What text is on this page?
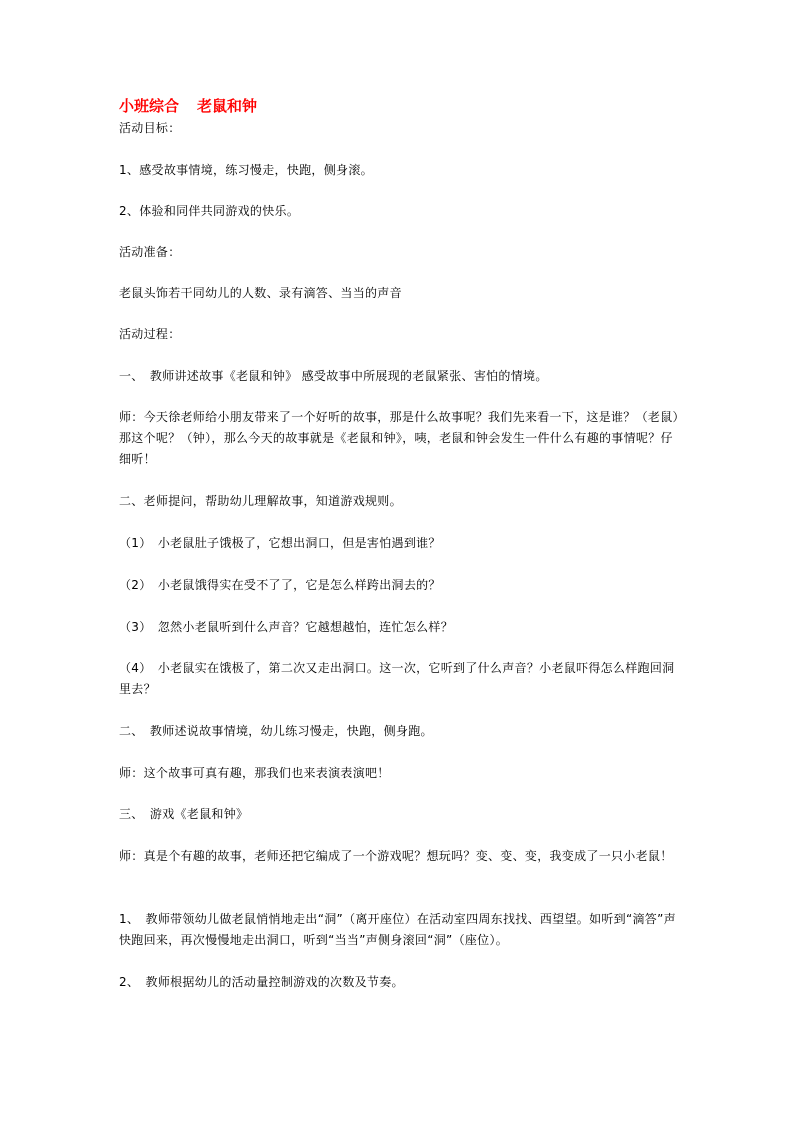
小班综合 老鼠和钟
活动目标：
1、感受故事情境，练习慢走，快跑，侧身滚。
2、体验和同伴共同游戏的快乐。
活动准备：
老鼠头饰若干同幼儿的人数、录有滴答、当当的声音
活动过程：
一、　教师讲述故事《老鼠和钟》 感受故事中所展现的老鼠紧张、害怕的情境。
师：今天徐老师给小朋友带来了一个好听的故事，那是什么故事呢？我们先来看一下，这是谁？（老鼠）那这个呢？（钟），那么今天的故事就是《老鼠和钟》，咦，老鼠和钟会发生一件什么有趣的事情呢？仔细听！
二、老师提问，帮助幼儿理解故事，知道游戏规则。
（1）　小老鼠肚子饿极了，它想出洞口，但是害怕遇到谁？
（2）　小老鼠饿得实在受不了了，它是怎么样跨出洞去的？
（3）　忽然小老鼠听到什么声音？它越想越怕，连忙怎么样？
（4）　小老鼠实在饿极了，第二次又走出洞口。这一次，它听到了什么声音？小老鼠吓得怎么样跑回洞里去？
二、　教师述说故事情境，幼儿练习慢走，快跑，侧身跑。
师：这个故事可真有趣，那我们也来表演表演吧！
三、　游戏《老鼠和钟》
师：真是个有趣的故事，老师还把它编成了一个游戏呢？想玩吗？变、变、变，我变成了一只小老鼠！
1、　教师带领幼儿做老鼠悄悄地走出“洞”（离开座位）在活动室四周东找找、西望望。如听到“滴答”声快跑回来，再次慢慢地走出洞口，听到“当当”声侧身滚回“洞”（座位）。
2、　教师根据幼儿的活动量控制游戏的次数及节奏。
